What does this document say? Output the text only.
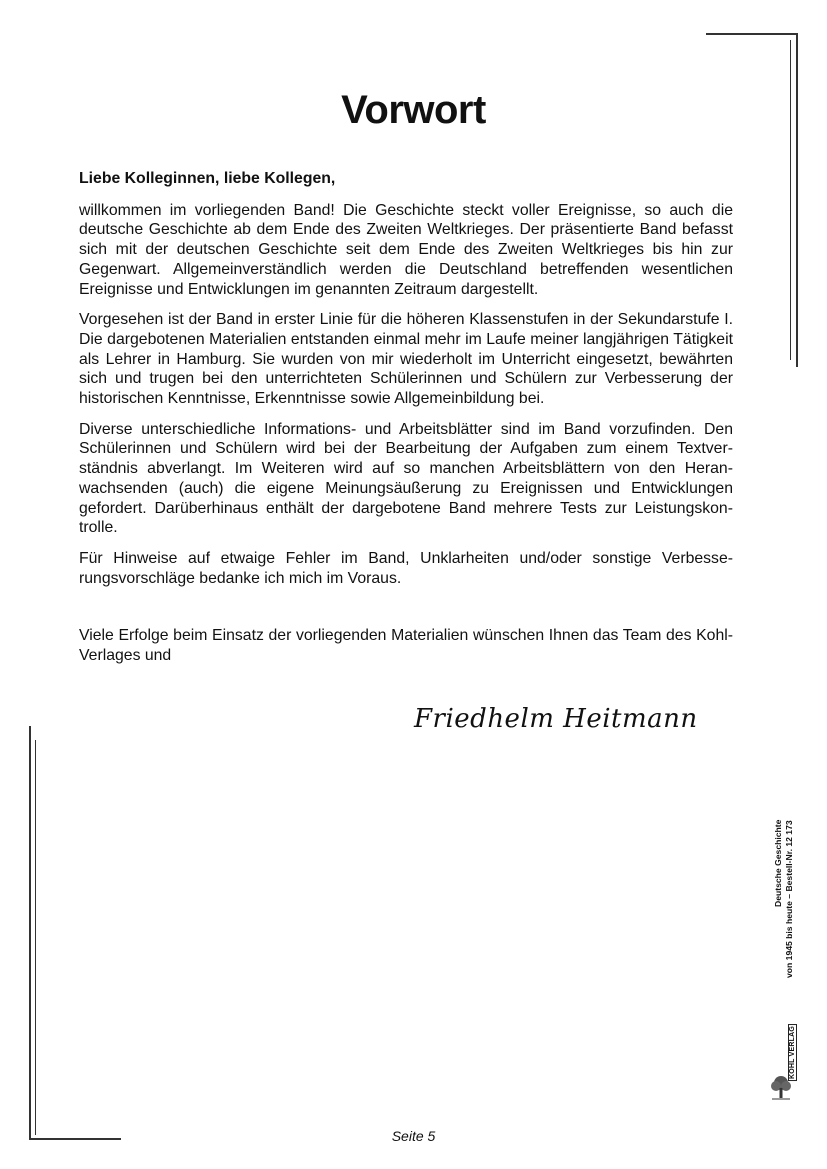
Vorwort

Liebe Kolleginnen, liebe Kollegen,

willkommen im vorliegenden Band! Die Geschichte steckt voller Ereignisse, so auch die deutsche Geschichte ab dem Ende des Zweiten Weltkrieges. Der präsentierte Band befasst sich mit der deutschen Geschichte seit dem Ende des Zweiten Weltkrieges bis hin zur Gegenwart. Allgemeinverständlich werden die Deutschland betreffenden wesentlichen Ereignisse und Entwicklungen im genannten Zeitraum dargestellt.

Vorgesehen ist der Band in erster Linie für die höheren Klassenstufen in der Sekundarstufe I. Die dargebotenen Materialien entstanden einmal mehr im Laufe meiner langjährigen Tätigkeit als Lehrer in Hamburg. Sie wurden von mir wiederholt im Unterricht eingesetzt, bewährten sich und trugen bei den unterrichteten Schülerinnen und Schülern zur Verbesserung der historischen Kenntnisse, Erkenntnisse sowie Allgemeinbildung bei.

Diverse unterschiedliche Informations- und Arbeitsblätter sind im Band vorzufinden. Den Schülerinnen und Schülern wird bei der Bearbeitung der Aufgaben zum einem Textverständnis abverlangt. Im Weiteren wird auf so manchen Arbeitsblättern von den Heranwachsenden (auch) die eigene Meinungsäußerung zu Ereignissen und Entwicklungen gefordert. Darüberhinaus enthält der dargebotene Band mehrere Tests zur Leistungskontrolle.

Für Hinweise auf etwaige Fehler im Band, Unklarheiten und/oder sonstige Verbesserungsvorschläge bedanke ich mich im Voraus.

Viele Erfolge beim Einsatz der vorliegenden Materialien wünschen Ihnen das Team des Kohl-Verlages und

Friedhelm Heitmann
Deutsche Geschichte von 1945 bis heute – Bestell-Nr. 12 173
KOHL VERLAG
Seite 5
